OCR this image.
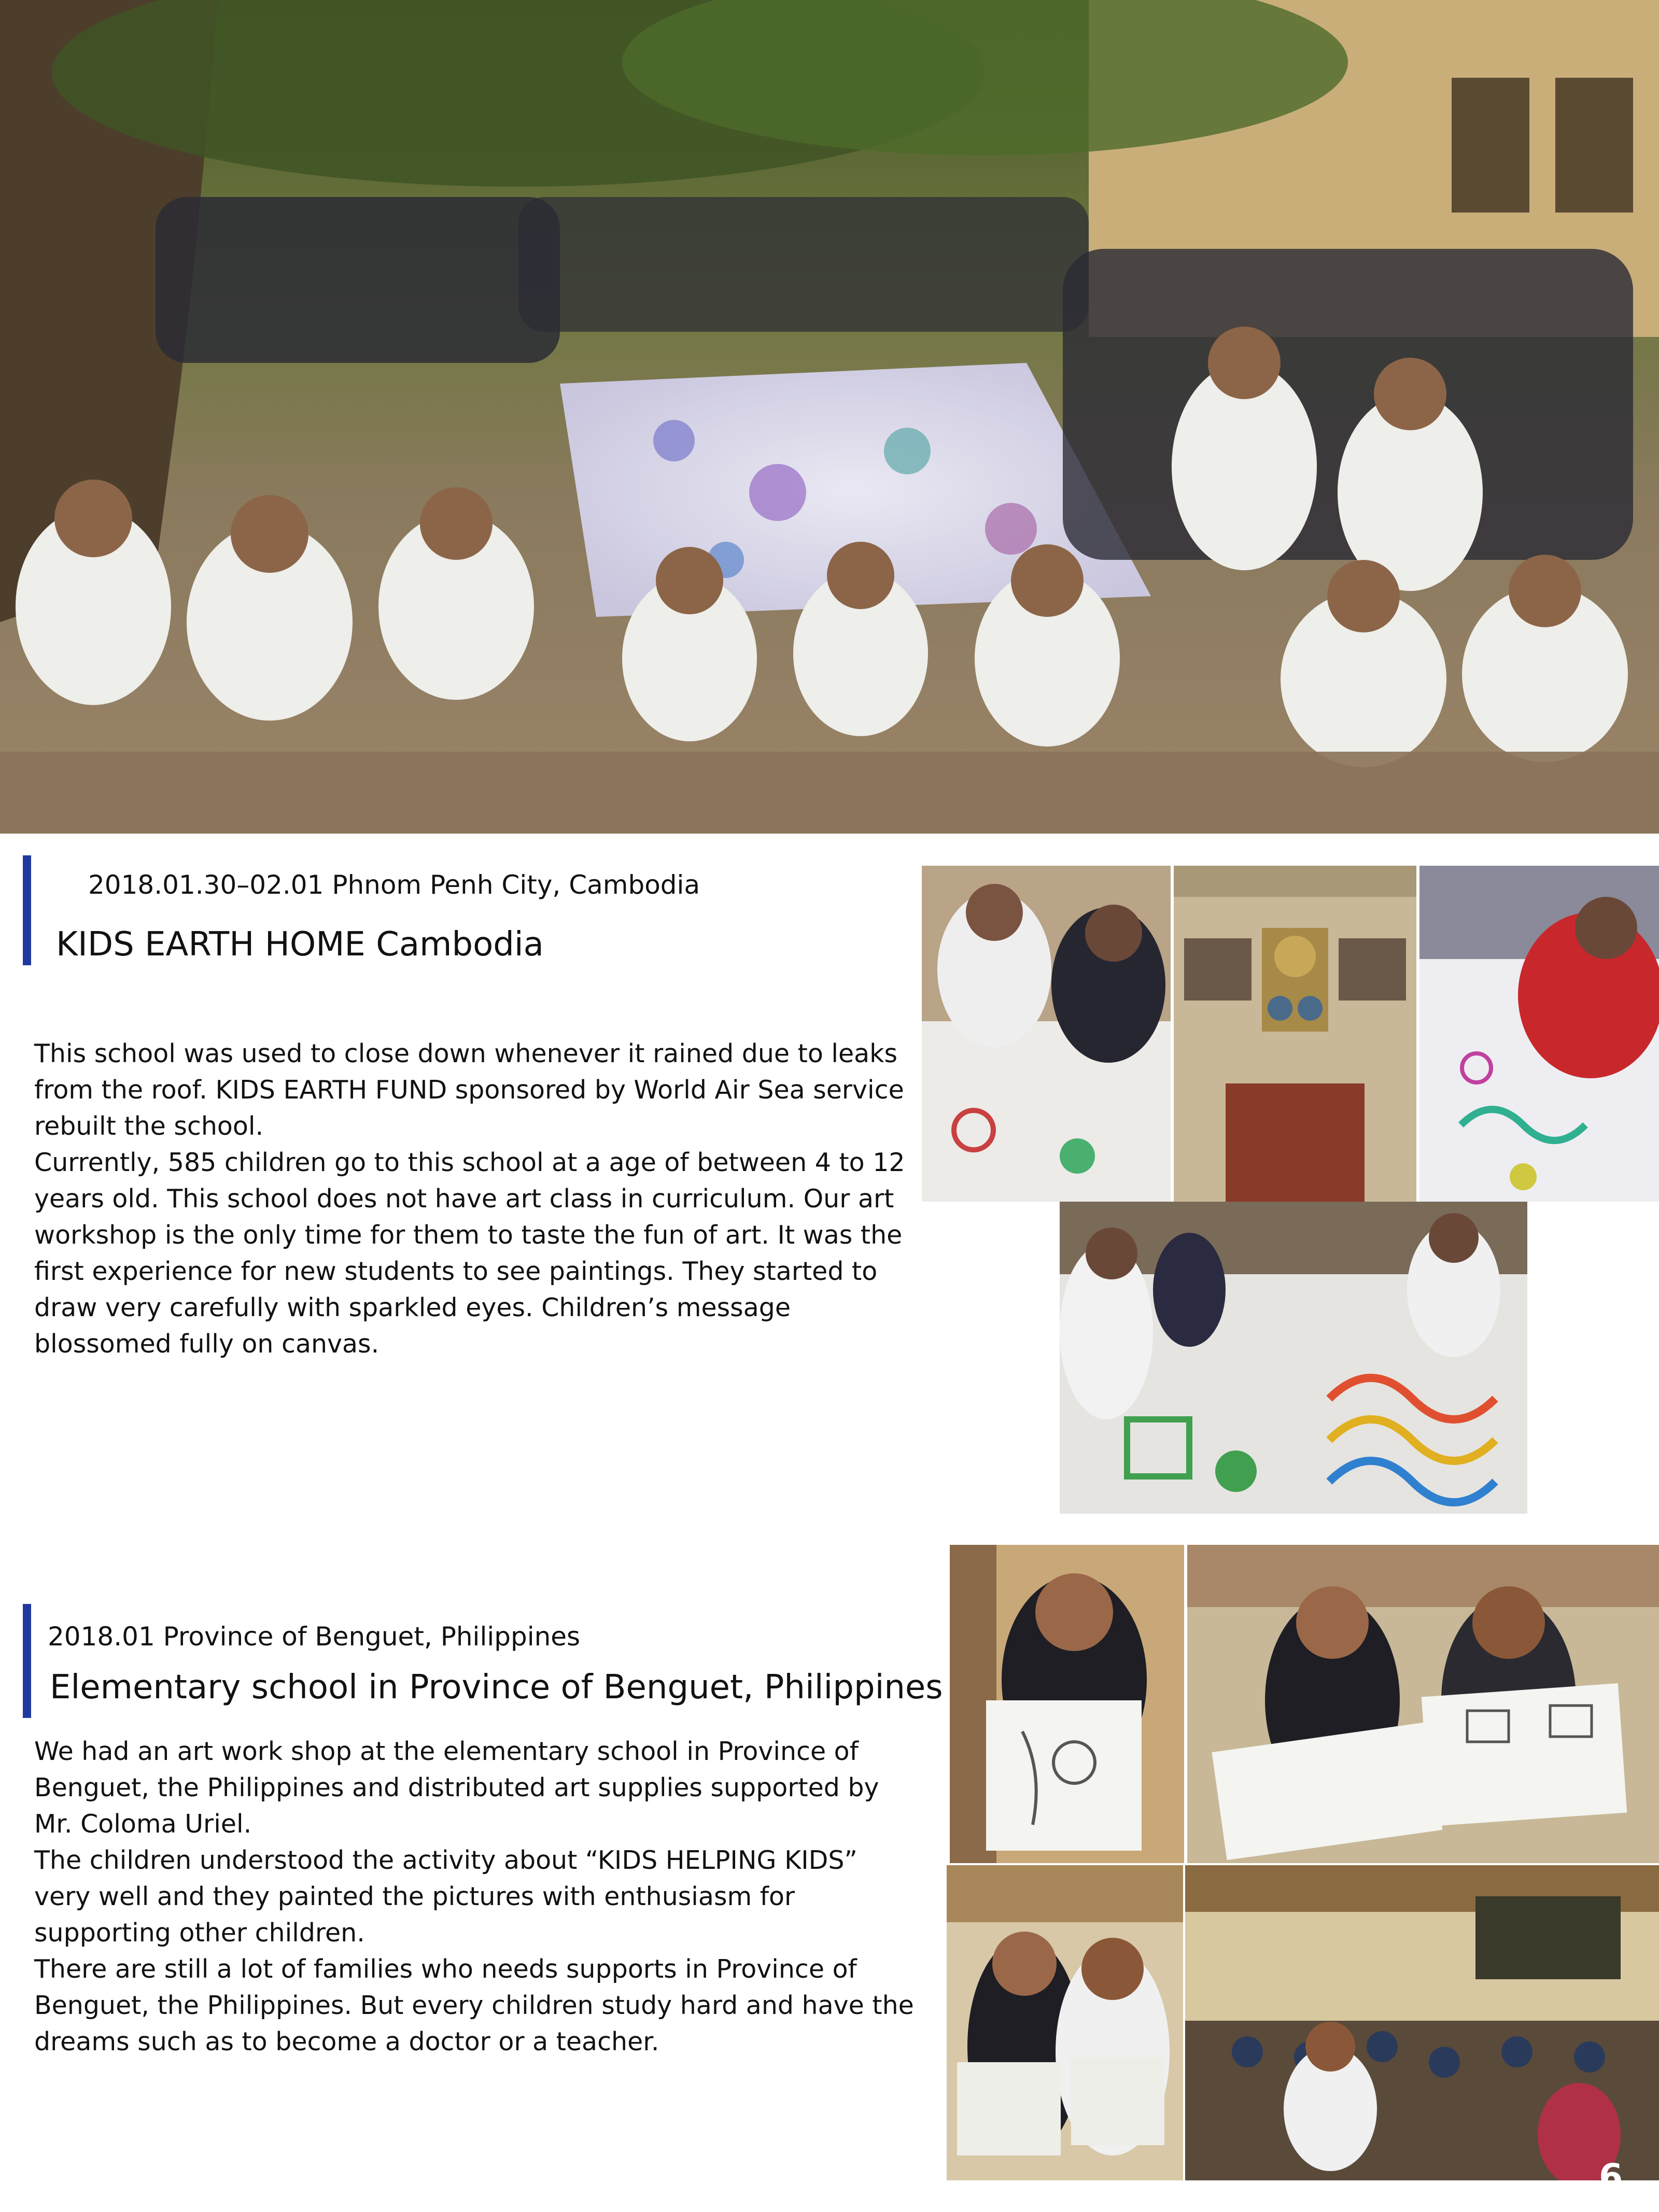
2018.01.30–02.01 Phnom Penh City, Cambodia
KIDS EARTH HOME Cambodia

This school was used to close down whenever it rained due to leaks from the roof. KIDS EARTH FUND sponsored by World Air Sea service rebuilt the school.

Currently, 585 children go to this school at a age of between 4 to 12 years old. This school does not have art class in curriculum. Our art workshop is the only time for them to taste the fun of art. It was the first experience for new students to see paintings. They started to draw very carefully with sparkled eyes. Children’s message blossomed fully on canvas.

2018.01 Province of Benguet, Philippines
Elementary school in Province of Benguet, Philippines

We had an art work shop at the elementary school in Province of Benguet, the Philippines and distributed art supplies supported by Mr. Coloma Uriel.

The children understood the activity about “KIDS HELPING KIDS” very well and they painted the pictures with enthusiasm for supporting other children.

There are still a lot of families who needs supports in Province of Benguet, the Philippines. But every children study hard and have the dreams such as to become a doctor or a teacher.

6
